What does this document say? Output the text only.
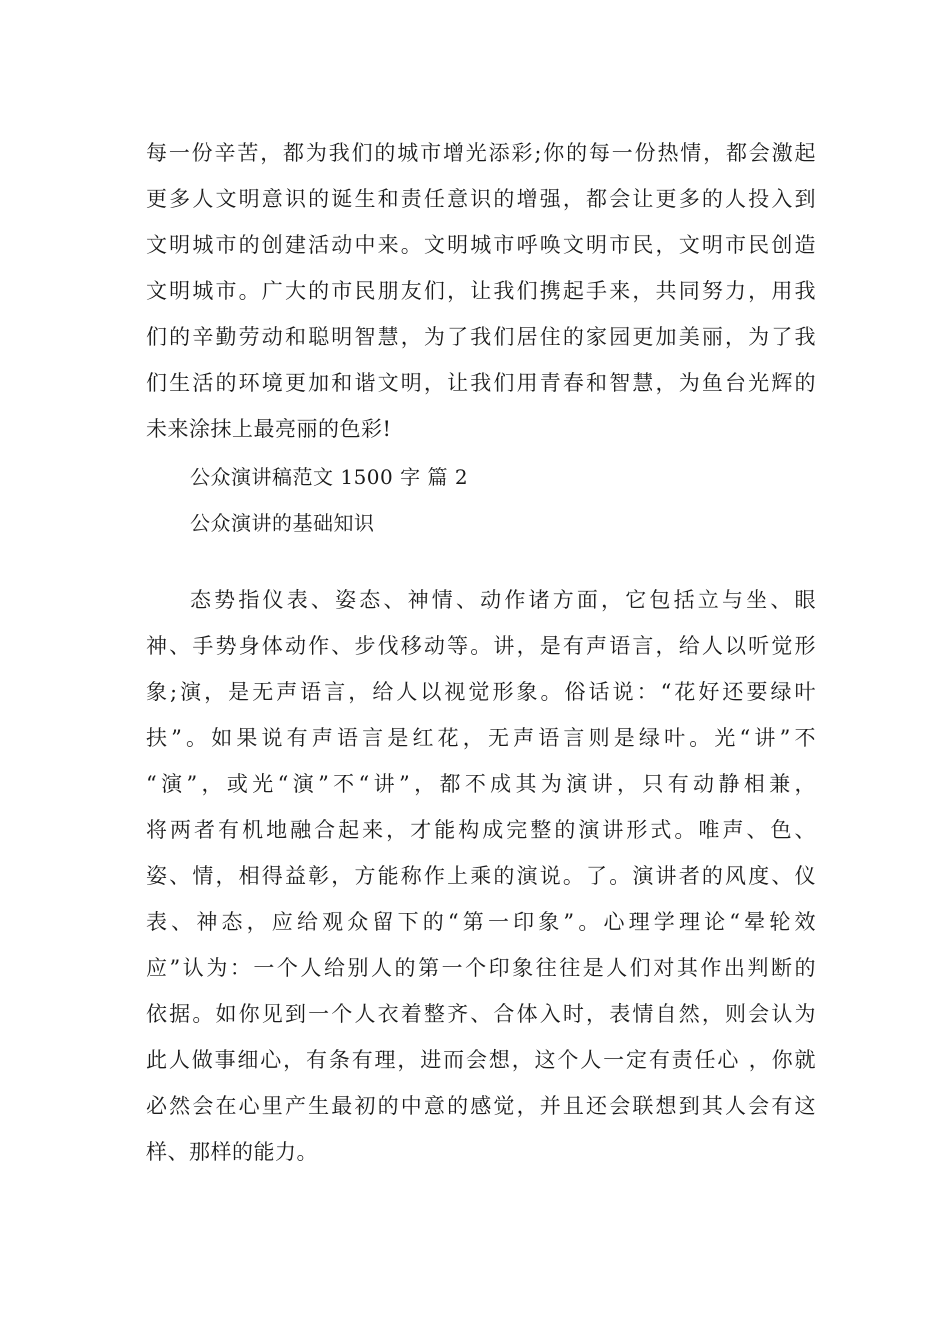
每一份辛苦，都为我们的城市增光添彩;你的每一份热情，都会激起
更多人文明意识的诞生和责任意识的增强，都会让更多的人投入到
文明城市的创建活动中来。文明城市呼唤文明市民，文明市民创造
文明城市。广大的市民朋友们，让我们携起手来，共同努力，用我
们的辛勤劳动和聪明智慧，为了我们居住的家园更加美丽，为了我
们生活的环境更加和谐文明，让我们用青春和智慧，为鱼台光辉的
未来涂抹上最亮丽的色彩!
公众演讲稿范文 1500 字 篇 2
公众演讲的基础知识
态势指仪表、姿态、神情、动作诸方面，它包括立与坐、眼
神、手势身体动作、步伐移动等。讲，是有声语言，给人以听觉形
象;演，是无声语言，给人以视觉形象。俗话说：“花好还要绿叶
扶”。如果说有声语言是红花，无声语言则是绿叶。光“讲”不
“演”，或光“演”不“讲”，都不成其为演讲，只有动静相兼，
将两者有机地融合起来，才能构成完整的演讲形式。唯声、色、
姿、情，相得益彰，方能称作上乘的演说。了。演讲者的风度、仪
表、神态，应给观众留下的“第一印象”。心理学理论“晕轮效
应”认为：一个人给别人的第一个印象往往是人们对其作出判断的
依据。如你见到一个人衣着整齐、合体入时，表情自然，则会认为
此人做事细心，有条有理，进而会想，这个人一定有责任心 ，你就
必然会在心里产生最初的中意的感觉，并且还会联想到其人会有这
样、那样的能力。
